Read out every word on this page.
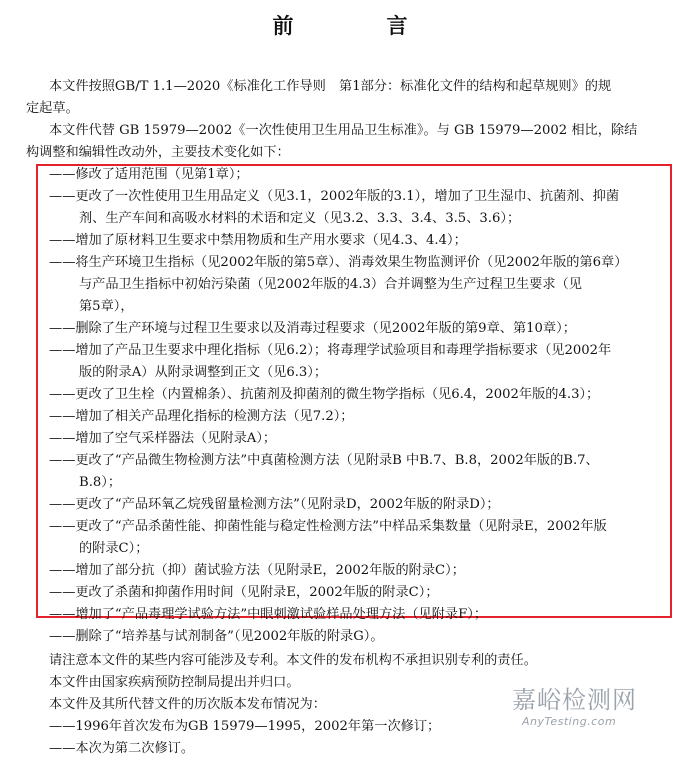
前　言
本文件按照GB/T 1.1—2020《标准化工作导则　第1部分：标准化文件的结构和起草规则》的规
定起草。
本文件代替 GB 15979—2002《一次性使用卫生用品卫生标准》。与 GB 15979—2002 相比，除结
构调整和编辑性改动外，主要技术变化如下：
——修改了适用范围（见第1章）；
——更改了一次性使用卫生用品定义（见3.1，2002年版的3.1），增加了卫生湿巾、抗菌剂、抑菌
剂、生产车间和高吸水材料的术语和定义（见3.2、3.3、3.4、3.5、3.6）；
——增加了原材料卫生要求中禁用物质和生产用水要求（见4.3、4.4）；
——将生产环境卫生指标（见2002年版的第5章）、消毒效果生物监测评价（见2002年版的第6章）
与产品卫生指标中初始污染菌（见2002年版的4.3）合并调整为生产过程卫生要求（见
第5章），
——删除了生产环境与过程卫生要求以及消毒过程要求（见2002年版的第9章、第10章）；
——增加了产品卫生要求中理化指标（见6.2）；将毒理学试验项目和毒理学指标要求（见2002年
版的附录A）从附录调整到正文（见6.3）；
——更改了卫生栓（内置棉条）、抗菌剂及抑菌剂的微生物学指标（见6.4，2002年版的4.3）；
——增加了相关产品理化指标的检测方法（见7.2）；
——增加了空气采样器法（见附录A）；
——更改了“产品微生物检测方法”中真菌检测方法（见附录B 中B.7、B.8，2002年版的B.7、
B.8）；
——更改了“产品环氧乙烷残留量检测方法”（见附录D，2002年版的附录D）；
——更改了“产品杀菌性能、抑菌性能与稳定性检测方法”中样品采集数量（见附录E，2002年版
的附录C）；
——增加了部分抗（抑）菌试验方法（见附录E，2002年版的附录C）；
——更改了杀菌和抑菌作用时间（见附录E，2002年版的附录C）；
——增加了“产品毒理学试验方法”中眼刺激试验样品处理方法（见附录F）；
——删除了“培养基与试剂制备”（见2002年版的附录G）。
请注意本文件的某些内容可能涉及专利。本文件的发布机构不承担识别专利的责任。
本文件由国家疾病预防控制局提出并归口。
本文件及其所代替文件的历次版本发布情况为：
——1996年首次发布为GB 15979—1995，2002年第一次修订；
——本次为第二次修订。
嘉峪检测网
AnyTesting.com
